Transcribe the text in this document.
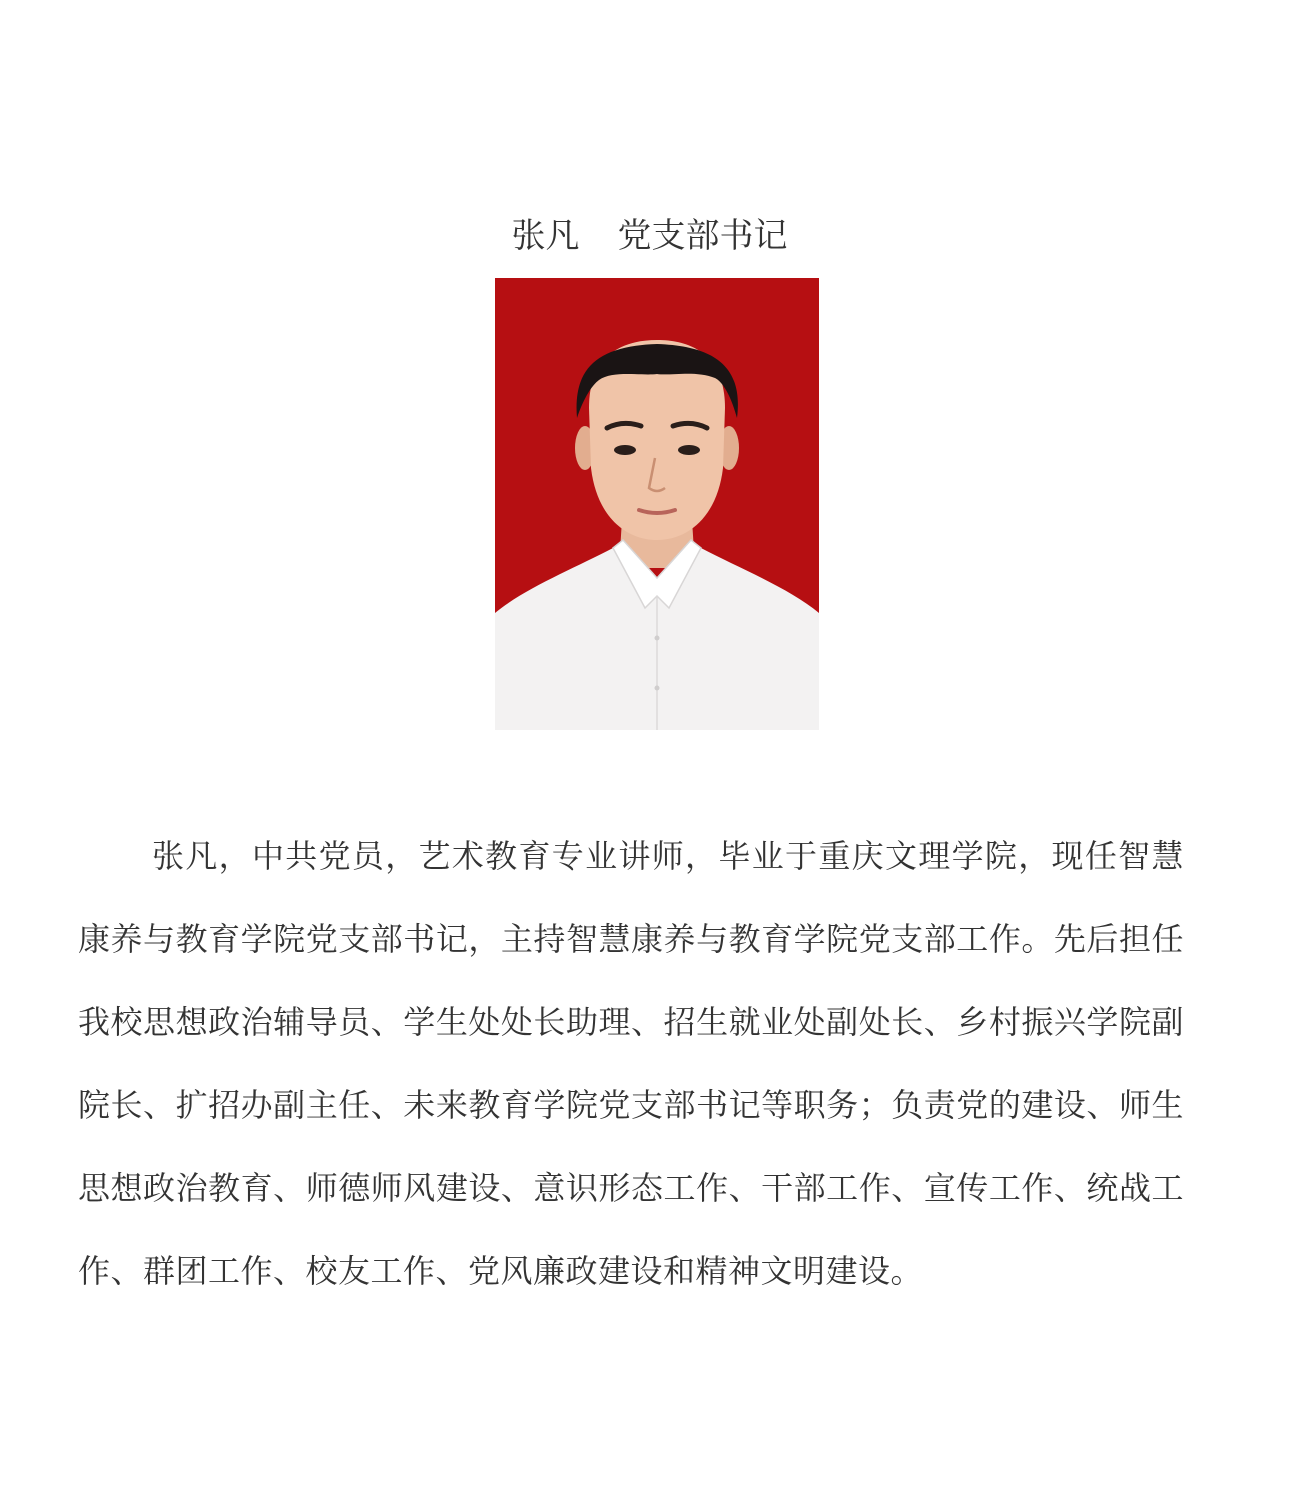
张凡 党支部书记

张凡，中共党员，艺术教育专业讲师，毕业于重庆文理学院，现任智慧康养与教育学院党支部书记，主持智慧康养与教育学院党支部工作。先后担任我校思想政治辅导员、学生处处长助理、招生就业处副处长、乡村振兴学院副院长、扩招办副主任、未来教育学院党支部书记等职务；负责党的建设、师生思想政治教育、师德师风建设、意识形态工作、干部工作、宣传工作、统战工作、群团工作、校友工作、党风廉政建设和精神文明建设。
